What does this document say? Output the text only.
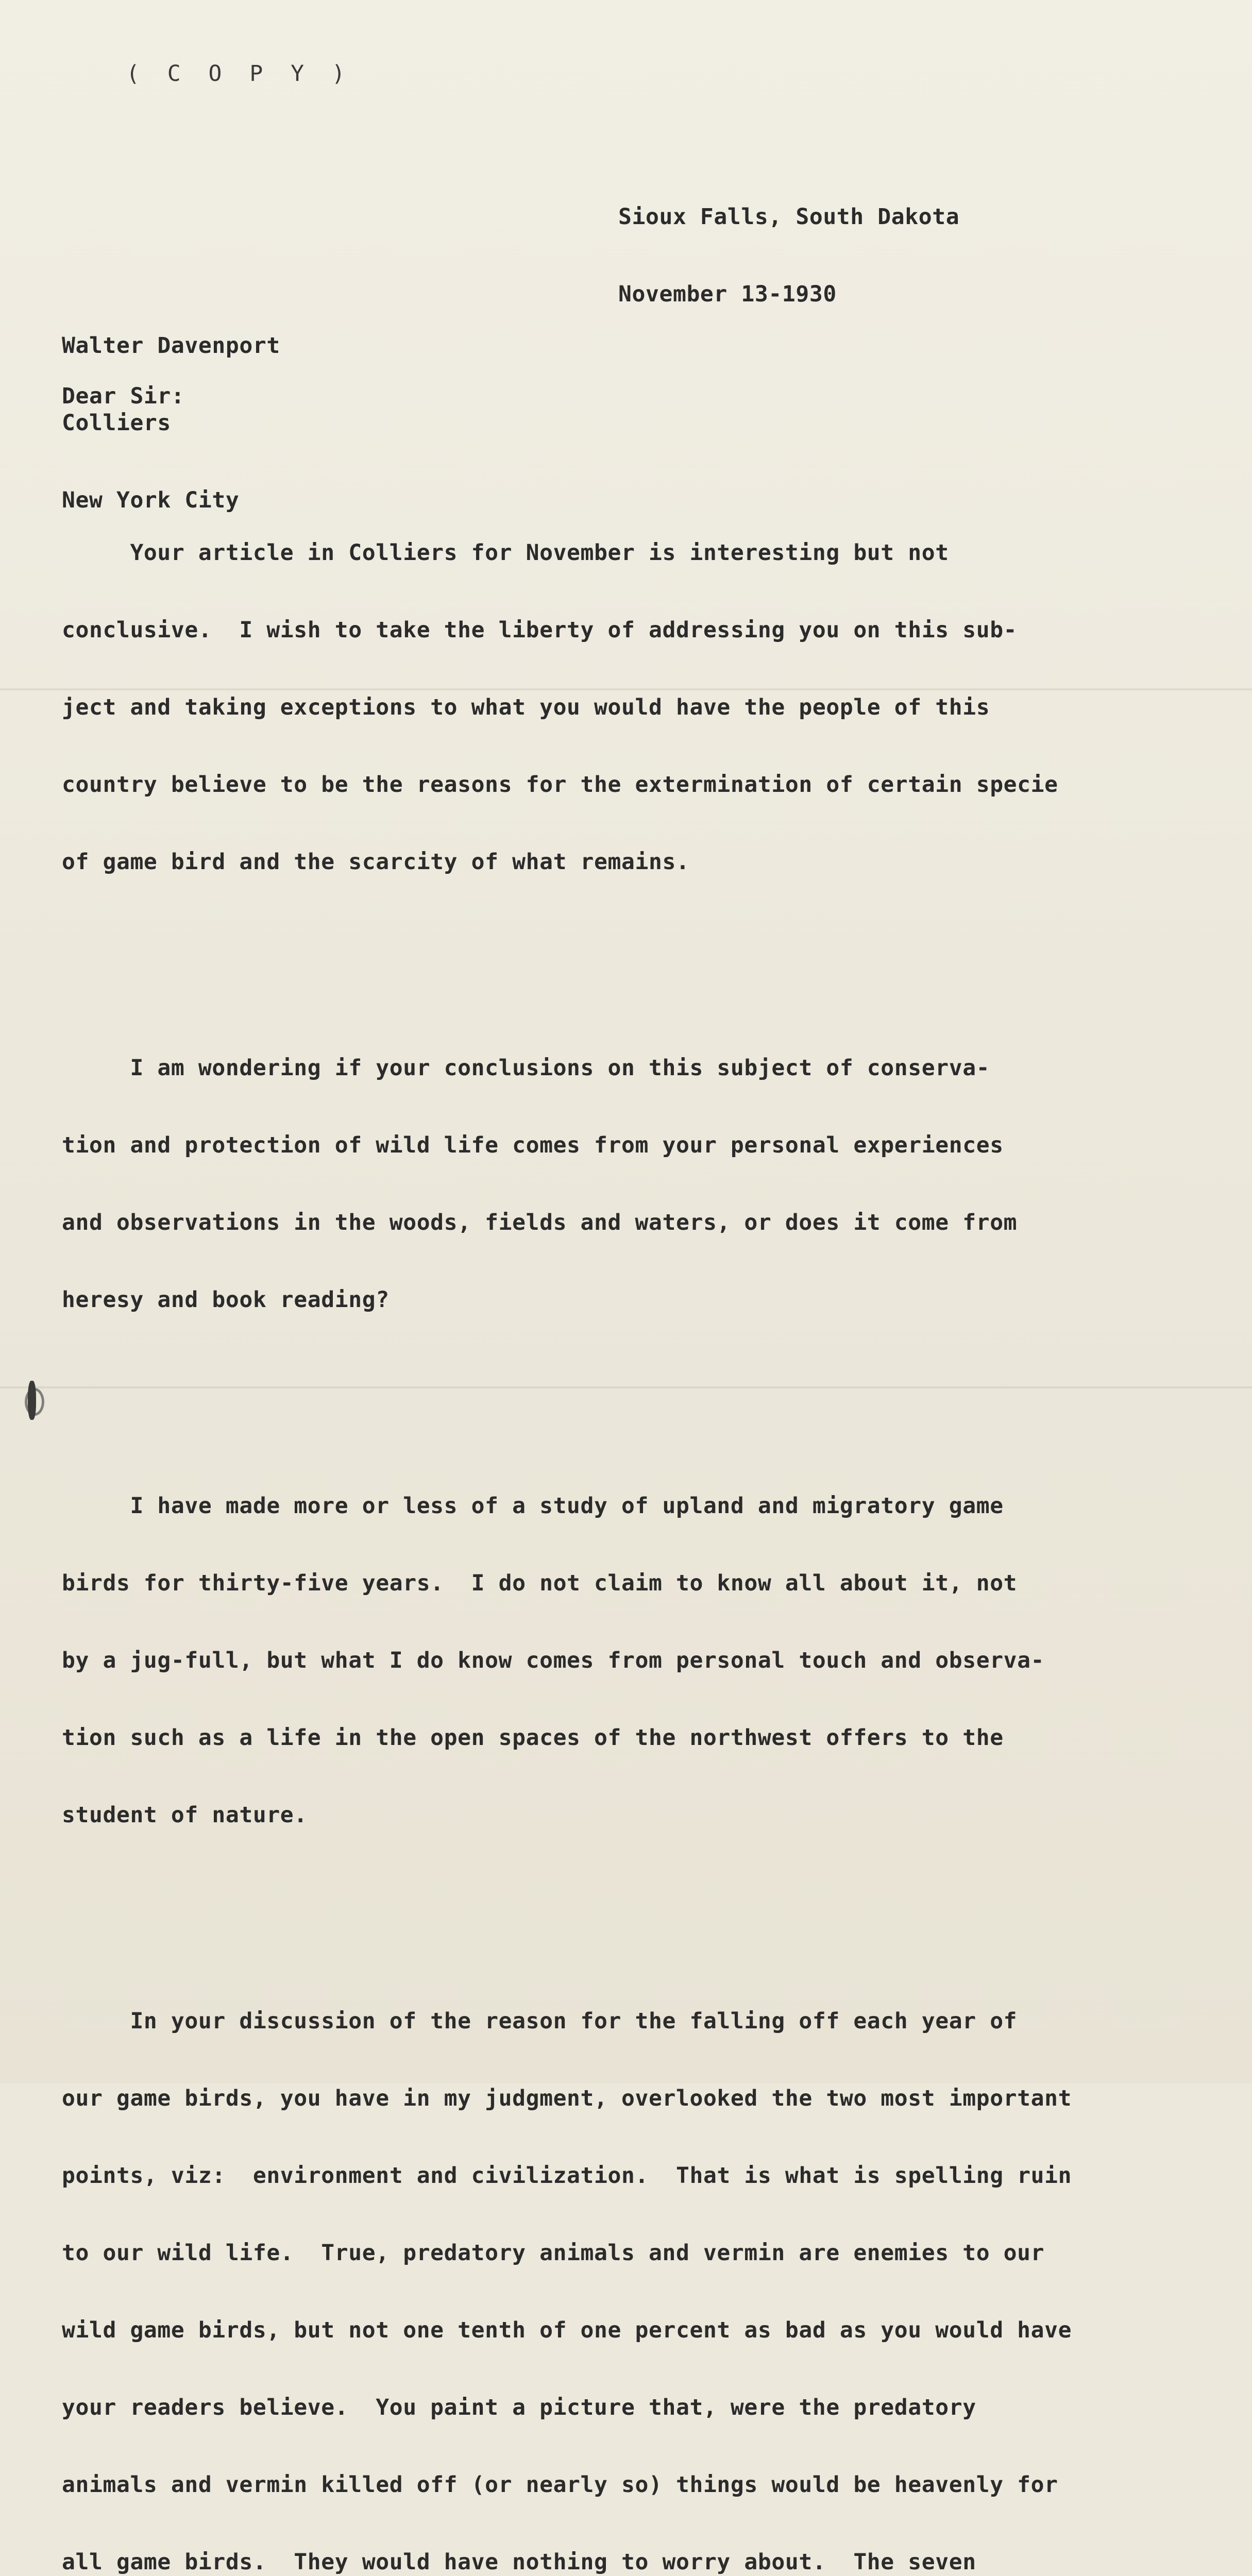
( C O P Y )

Sioux Falls, South Dakota

November 13-1930

Walter Davenport

Colliers

New York City

Dear Sir:

Your article in Colliers for November is interesting but not

conclusive.  I wish to take the liberty of addressing you on this sub-

ject and taking exceptions to what you would have the people of this

country believe to be the reasons for the extermination of certain specie

of game bird and the scarcity of what remains.

I am wondering if your conclusions on this subject of conserva-

tion and protection of wild life comes from your personal experiences

and observations in the woods, fields and waters, or does it come from

heresy and book reading?

I have made more or less of a study of upland and migratory game

birds for thirty-five years.  I do not claim to know all about it, not

by a jug-full, but what I do know comes from personal touch and observa-

tion such as a life in the open spaces of the northwest offers to the

student of nature.

In your discussion of the reason for the falling off each year of

our game birds, you have in my judgment, overlooked the two most important

points, viz:  environment and civilization.  That is what is spelling ruin

to our wild life.  True, predatory animals and vermin are enemies to our

wild game birds, but not one tenth of one percent as bad as you would have

your readers believe.  You paint a picture that, were the predatory

animals and vermin killed off (or nearly so) things would be heavenly for

all game birds.  They would have nothing to worry about.  The seven
